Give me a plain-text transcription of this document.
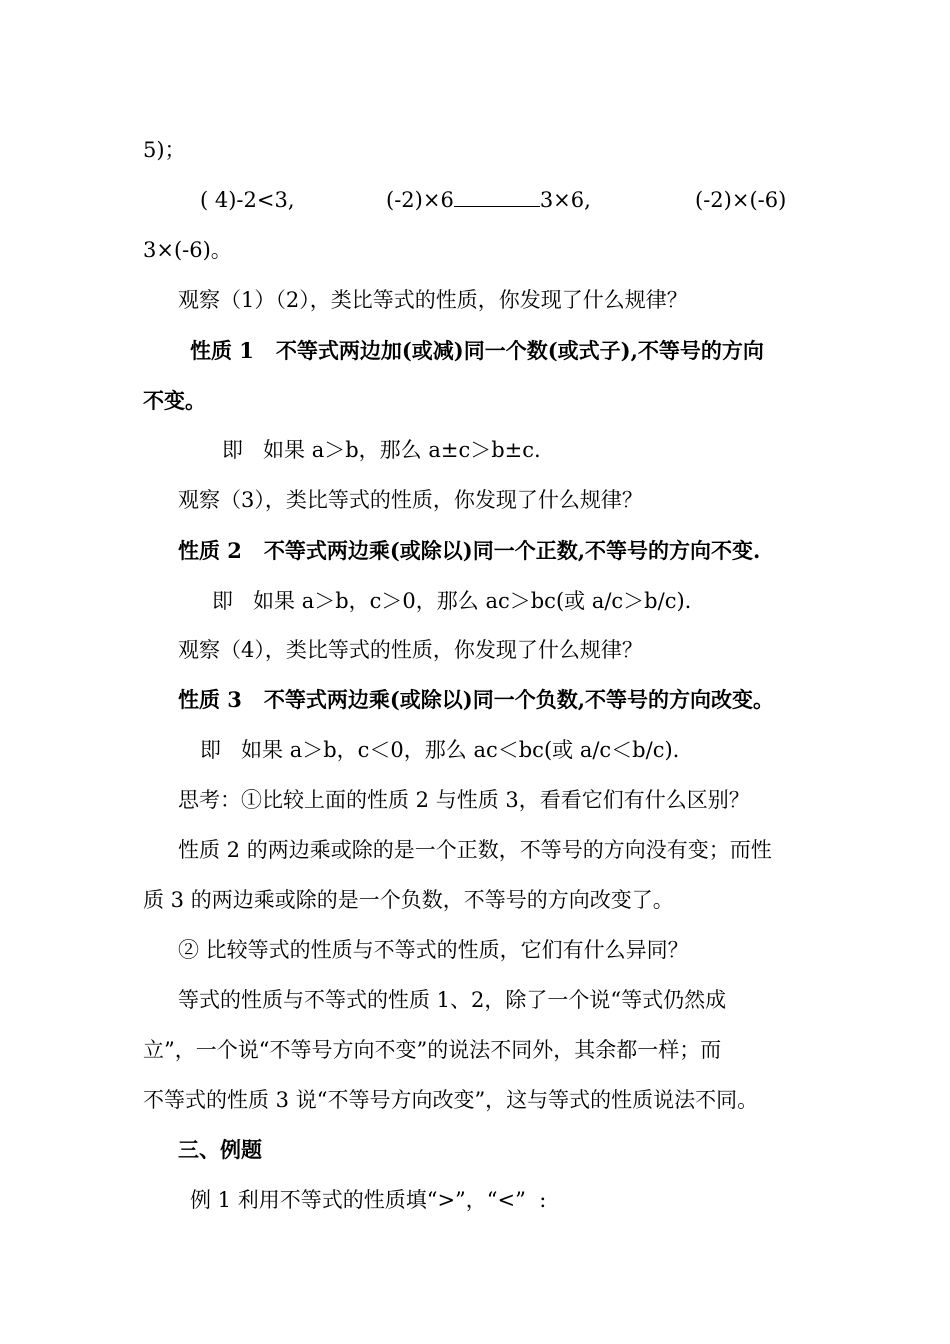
5)；
( 4)-2<3,	(-2)×6	3×6,	(-2)×(-6)
3×(-6)。
观察（1）（2），类比等式的性质，你发现了什么规律？
性质 1   不等式两边加(或减)同一个数(或式子),不等号的方向
不变。
即   如果 a＞b，那么 a±c＞b±c.
观察（3），类比等式的性质，你发现了什么规律？
性质 2   不等式两边乘(或除以)同一个正数,不等号的方向不变.
即   如果 a＞b，c＞0，那么 ac＞bc(或 a/c＞b/c).
观察（4），类比等式的性质，你发现了什么规律？
性质 3   不等式两边乘(或除以)同一个负数,不等号的方向改变。
即   如果 a＞b，c＜0，那么 ac＜bc(或 a/c＜b/c).
思考：①比较上面的性质 2 与性质 3，看看它们有什么区别？
性质 2 的两边乘或除的是一个正数，不等号的方向没有变；而性
质 3 的两边乘或除的是一个负数，不等号的方向改变了。
② 比较等式的性质与不等式的性质，它们有什么异同？
等式的性质与不等式的性质 1、2，除了一个说“等式仍然成
立”，一个说“不等号方向不变”的说法不同外，其余都一样；而
不等式的性质 3 说“不等号方向改变”，这与等式的性质说法不同。
三、例题
例 1 利用不等式的性质填“>”，“<”  :
